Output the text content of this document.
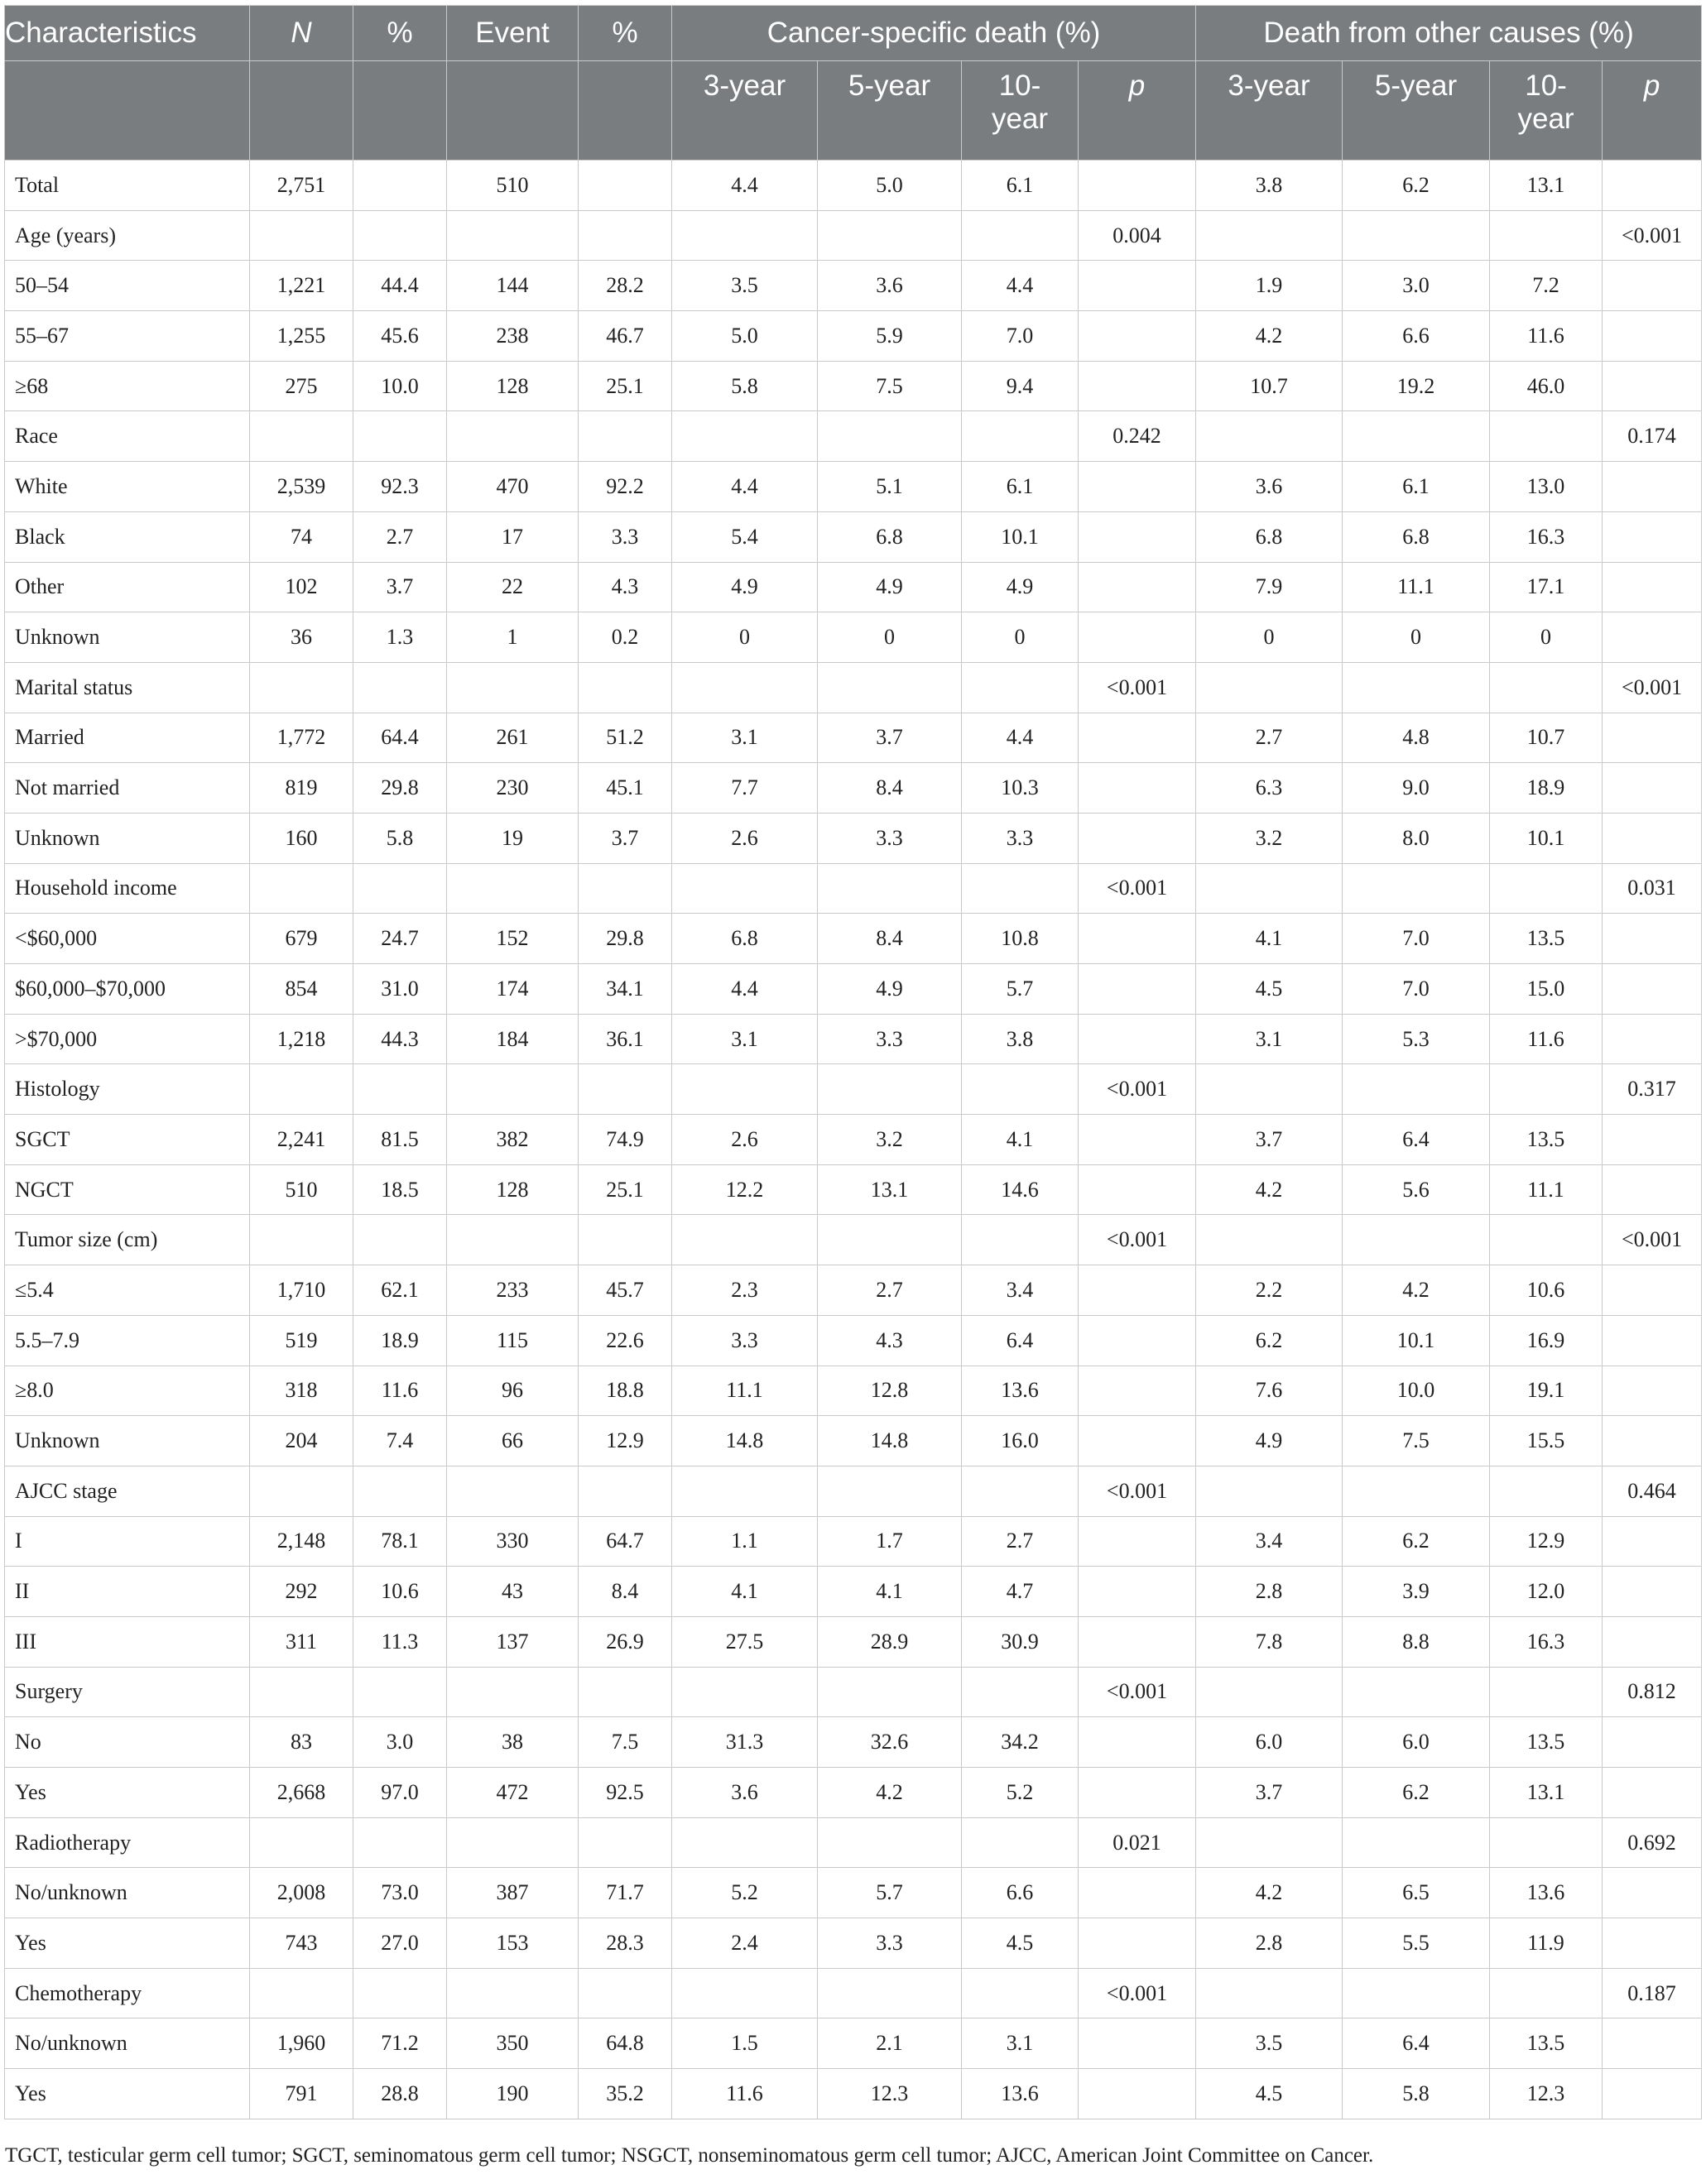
Characteristics	N	%	Event	%	Cancer-specific death (%)				Death from other causes (%)			
					3-year	5-year	10-year	p	3-year	5-year	10-year	p
Total	2,751		510		4.4	5.0	6.1		3.8	6.2	13.1	
Age (years)								0.004				<0.001
50–54	1,221	44.4	144	28.2	3.5	3.6	4.4		1.9	3.0	7.2	
55–67	1,255	45.6	238	46.7	5.0	5.9	7.0		4.2	6.6	11.6	
≥68	275	10.0	128	25.1	5.8	7.5	9.4		10.7	19.2	46.0	
Race								0.242				0.174
White	2,539	92.3	470	92.2	4.4	5.1	6.1		3.6	6.1	13.0	
Black	74	2.7	17	3.3	5.4	6.8	10.1		6.8	6.8	16.3	
Other	102	3.7	22	4.3	4.9	4.9	4.9		7.9	11.1	17.1	
Unknown	36	1.3	1	0.2	0	0	0		0	0	0	
Marital status								<0.001				<0.001
Married	1,772	64.4	261	51.2	3.1	3.7	4.4		2.7	4.8	10.7	
Not married	819	29.8	230	45.1	7.7	8.4	10.3		6.3	9.0	18.9	
Unknown	160	5.8	19	3.7	2.6	3.3	3.3		3.2	8.0	10.1	
Household income								<0.001				0.031
<$60,000	679	24.7	152	29.8	6.8	8.4	10.8		4.1	7.0	13.5	
$60,000–$70,000	854	31.0	174	34.1	4.4	4.9	5.7		4.5	7.0	15.0	
>$70,000	1,218	44.3	184	36.1	3.1	3.3	3.8		3.1	5.3	11.6	
Histology								<0.001				0.317
SGCT	2,241	81.5	382	74.9	2.6	3.2	4.1		3.7	6.4	13.5	
NGCT	510	18.5	128	25.1	12.2	13.1	14.6		4.2	5.6	11.1	
Tumor size (cm)								<0.001				<0.001
≤5.4	1,710	62.1	233	45.7	2.3	2.7	3.4		2.2	4.2	10.6	
5.5–7.9	519	18.9	115	22.6	3.3	4.3	6.4		6.2	10.1	16.9	
≥8.0	318	11.6	96	18.8	11.1	12.8	13.6		7.6	10.0	19.1	
Unknown	204	7.4	66	12.9	14.8	14.8	16.0		4.9	7.5	15.5	
AJCC stage								<0.001				0.464
I	2,148	78.1	330	64.7	1.1	1.7	2.7		3.4	6.2	12.9	
II	292	10.6	43	8.4	4.1	4.1	4.7		2.8	3.9	12.0	
III	311	11.3	137	26.9	27.5	28.9	30.9		7.8	8.8	16.3	
Surgery								<0.001				0.812
No	83	3.0	38	7.5	31.3	32.6	34.2		6.0	6.0	13.5	
Yes	2,668	97.0	472	92.5	3.6	4.2	5.2		3.7	6.2	13.1	
Radiotherapy								0.021				0.692
No/unknown	2,008	73.0	387	71.7	5.2	5.7	6.6		4.2	6.5	13.6	
Yes	743	27.0	153	28.3	2.4	3.3	4.5		2.8	5.5	11.9	
Chemotherapy								<0.001				0.187
No/unknown	1,960	71.2	350	64.8	1.5	2.1	3.1		3.5	6.4	13.5	
Yes	791	28.8	190	35.2	11.6	12.3	13.6		4.5	5.8	12.3	
TGCT, testicular germ cell tumor; SGCT, seminomatous germ cell tumor; NSGCT, nonseminomatous germ cell tumor; AJCC, American Joint Committee on Cancer.
